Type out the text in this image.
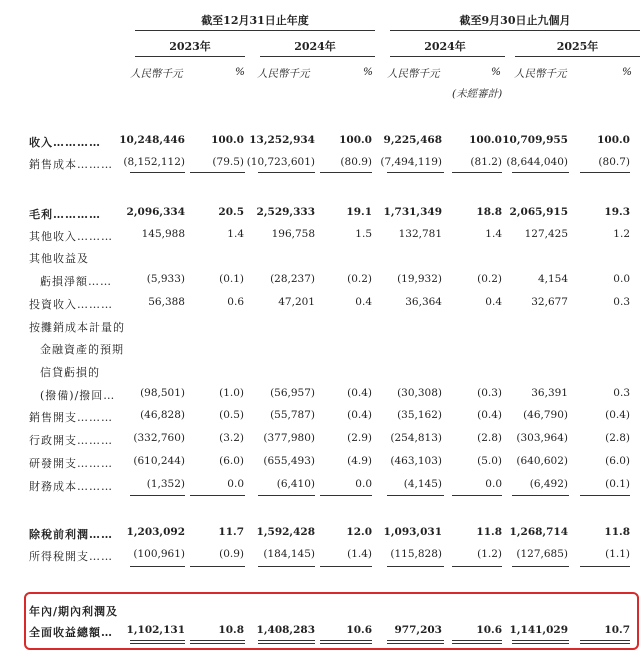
截至12月31日止年度	截至9月30日止九個月
2023年	2024年	2024年	2025年
人民幣千元	% 人民幣千元	% 人民幣千元	% 人民幣千元	%
(未經審計)
收入…………	10,248,446	100.0 13,252,934	100.0	9,225,468	100.0 10,709,955	100.0
銷售成本……… (8,152,112)	(79.5) (10,723,601)	(80.9) (7,494,119)	(81.2) (8,644,040)	(80.7)
毛利…………	2,096,334	20.5	2,529,333	19.1	1,731,349	18.8 2,065,915	19.3
其他收入………	145,988	1.4	196,758	1.5	132,781	1.4	127,425	1.2
其他收益及
虧損淨額……	(5,933)	(0.1)	(28,237)	(0.2)	(19,932)	(0.2)	4,154	0.0
投資收入………	56,388	0.6	47,201	0.4	36,364	0.4	32,677	0.3
按攤銷成本計量的
金融資產的預期
信貸虧損的
(撥備)/撥回…	(98,501)	(1.0)	(56,957)	(0.4)	(30,308)	(0.3)	36,391	0.3
銷售開支………	(46,828)	(0.5)	(55,787)	(0.4)	(35,162)	(0.4)	(46,790)	(0.4)
行政開支………	(332,760)	(3.2)	(377,980)	(2.9)	(254,813)	(2.8)	(303,964)	(2.8)
研發開支………	(610,244)	(6.0)	(655,493)	(4.9)	(463,103)	(5.0)	(640,602)	(6.0)
財務成本………	(1,352)	0.0	(6,410)	0.0	(4,145)	0.0	(6,492)	(0.1)
除稅前利潤……	1,203,092	11.7	1,592,428	12.0	1,093,031	11.8 1,268,714	11.8
所得稅開支……	(100,961)	(0.9)	(184,145)	(1.4)	(115,828)	(1.2)	(127,685)	(1.1)
年內/期內利潤及
全面收益總額…	1,102,131	10.8	1,408,283	10.6	977,203	10.6 1,141,029	10.7
